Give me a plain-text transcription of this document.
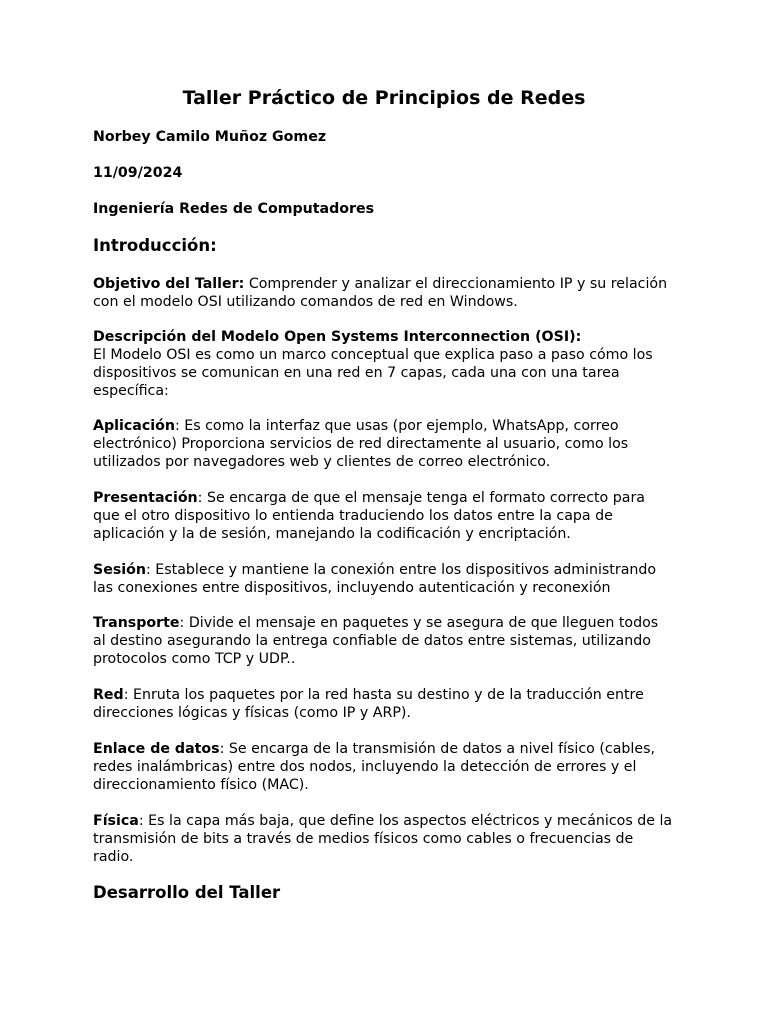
Taller Práctico de Principios de Redes

Norbey Camilo Muñoz Gomez

11/09/2024

Ingeniería Redes de Computadores

Introducción:
Objetivo del Taller: Comprender y analizar el direccionamiento IP y su relación
con el modelo OSI utilizando comandos de red en Windows.
Descripción del Modelo Open Systems Interconnection (OSI):
El Modelo OSI es como un marco conceptual que explica paso a paso cómo los
dispositivos se comunican en una red en 7 capas, cada una con una tarea
específica:
Aplicación: Es como la interfaz que usas (por ejemplo, WhatsApp, correo
electrónico) Proporciona servicios de red directamente al usuario, como los
utilizados por navegadores web y clientes de correo electrónico.
Presentación: Se encarga de que el mensaje tenga el formato correcto para
que el otro dispositivo lo entienda traduciendo los datos entre la capa de
aplicación y la de sesión, manejando la codificación y encriptación.
Sesión: Establece y mantiene la conexión entre los dispositivos administrando
las conexiones entre dispositivos, incluyendo autenticación y reconexión
Transporte: Divide el mensaje en paquetes y se asegura de que lleguen todos
al destino asegurando la entrega confiable de datos entre sistemas, utilizando
protocolos como TCP y UDP..
Red: Enruta los paquetes por la red hasta su destino y de la traducción entre
direcciones lógicas y físicas (como IP y ARP).
Enlace de datos: Se encarga de la transmisión de datos a nivel físico (cables,
redes inalámbricas) entre dos nodos, incluyendo la detección de errores y el
direccionamiento físico (MAC).
Física: Es la capa más baja, que define los aspectos eléctricos y mecánicos de la
transmisión de bits a través de medios físicos como cables o frecuencias de
radio.
Desarrollo del Taller
